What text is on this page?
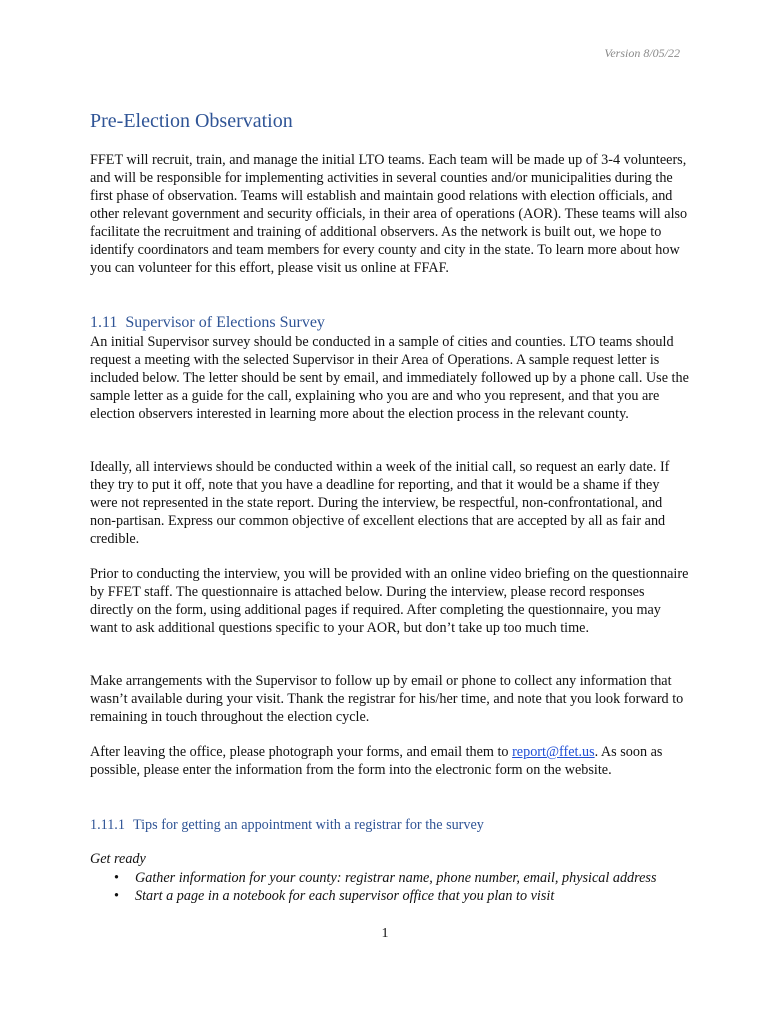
Version 8/05/22
Pre-Election Observation

FFET will recruit, train, and manage the initial LTO teams. Each team will be made up of 3-4 volunteers, and will be responsible for implementing activities in several counties and/or municipalities during the first phase of observation. Teams will establish and maintain good relations with election officials, and other relevant government and security officials, in their area of operations (AOR). These teams will also facilitate the recruitment and training of additional observers. As the network is built out, we hope to identify coordinators and team members for every county and city in the state. To learn more about how you can volunteer for this effort, please visit us online at FFAF.

1.11 Supervisor of Elections Survey

An initial Supervisor survey should be conducted in a sample of cities and counties. LTO teams should request a meeting with the selected Supervisor in their Area of Operations. A sample request letter is included below. The letter should be sent by email, and immediately followed up by a phone call. Use the sample letter as a guide for the call, explaining who you are and who you represent, and that you are election observers interested in learning more about the election process in the relevant county.

Ideally, all interviews should be conducted within a week of the initial call, so request an early date. If they try to put it off, note that you have a deadline for reporting, and that it would be a shame if they were not represented in the state report. During the interview, be respectful, non-confrontational, and non-partisan. Express our common objective of excellent elections that are accepted by all as fair and credible.

Prior to conducting the interview, you will be provided with an online video briefing on the questionnaire by FFET staff. The questionnaire is attached below. During the interview, please record responses directly on the form, using additional pages if required. After completing the questionnaire, you may want to ask additional questions specific to your AOR, but don’t take up too much time.

Make arrangements with the Supervisor to follow up by email or phone to collect any information that wasn’t available during your visit. Thank the registrar for his/her time, and note that you look forward to remaining in touch throughout the election cycle.

After leaving the office, please photograph your forms, and email them to report@ffet.us. As soon as possible, please enter the information from the form into the electronic form on the website.

1.11.1 Tips for getting an appointment with a registrar for the survey

Get ready

• Gather information for your county: registrar name, phone number, email, physical address
• Start a page in a notebook for each supervisor office that you plan to visit
1
